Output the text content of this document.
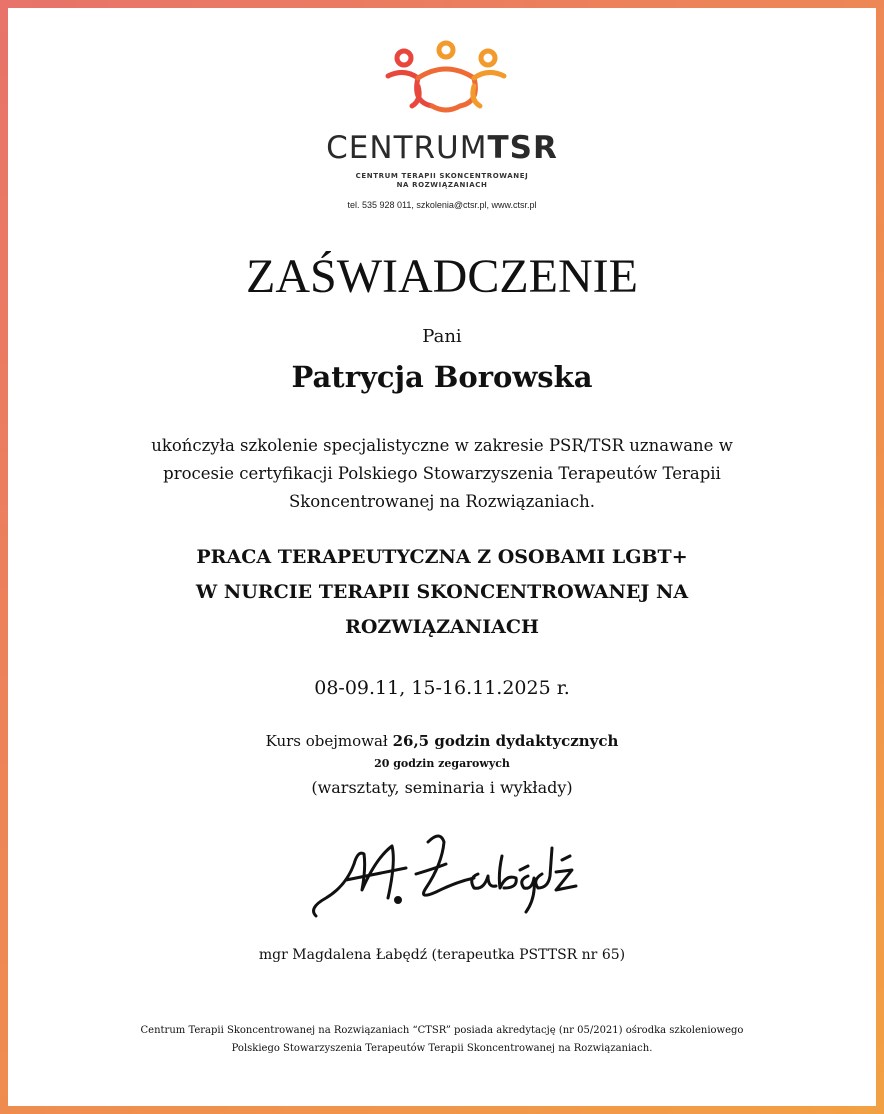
CENTRUMTSR
CENTRUM TERAPII SKONCENTROWANEJ
NA ROZWIĄZANIACH
tel. 535 928 011, szkolenia@ctsr.pl, www.ctsr.pl
ZAŚWIADCZENIE
Pani
Patrycja Borowska
ukończyła szkolenie specjalistyczne w zakresie PSR/TSR uznawane w
procesie certyfikacji Polskiego Stowarzyszenia Terapeutów Terapii
Skoncentrowanej na Rozwiązaniach.
PRACA TERAPEUTYCZNA Z OSOBAMI LGBT+
W NURCIE TERAPII SKONCENTROWANEJ NA
ROZWIĄZANIACH
08-09.11, 15-16.11.2025 r.
Kurs obejmował 26,5 godzin dydaktycznych
20 godzin zegarowych
(warsztaty, seminaria i wykłady)
mgr Magdalena Łabędź (terapeutka PSTTSR nr 65)
Centrum Terapii Skoncentrowanej na Rozwiązaniach “CTSR” posiada akredytację (nr 05/2021) ośrodka szkoleniowego
Polskiego Stowarzyszenia Terapeutów Terapii Skoncentrowanej na Rozwiązaniach.
